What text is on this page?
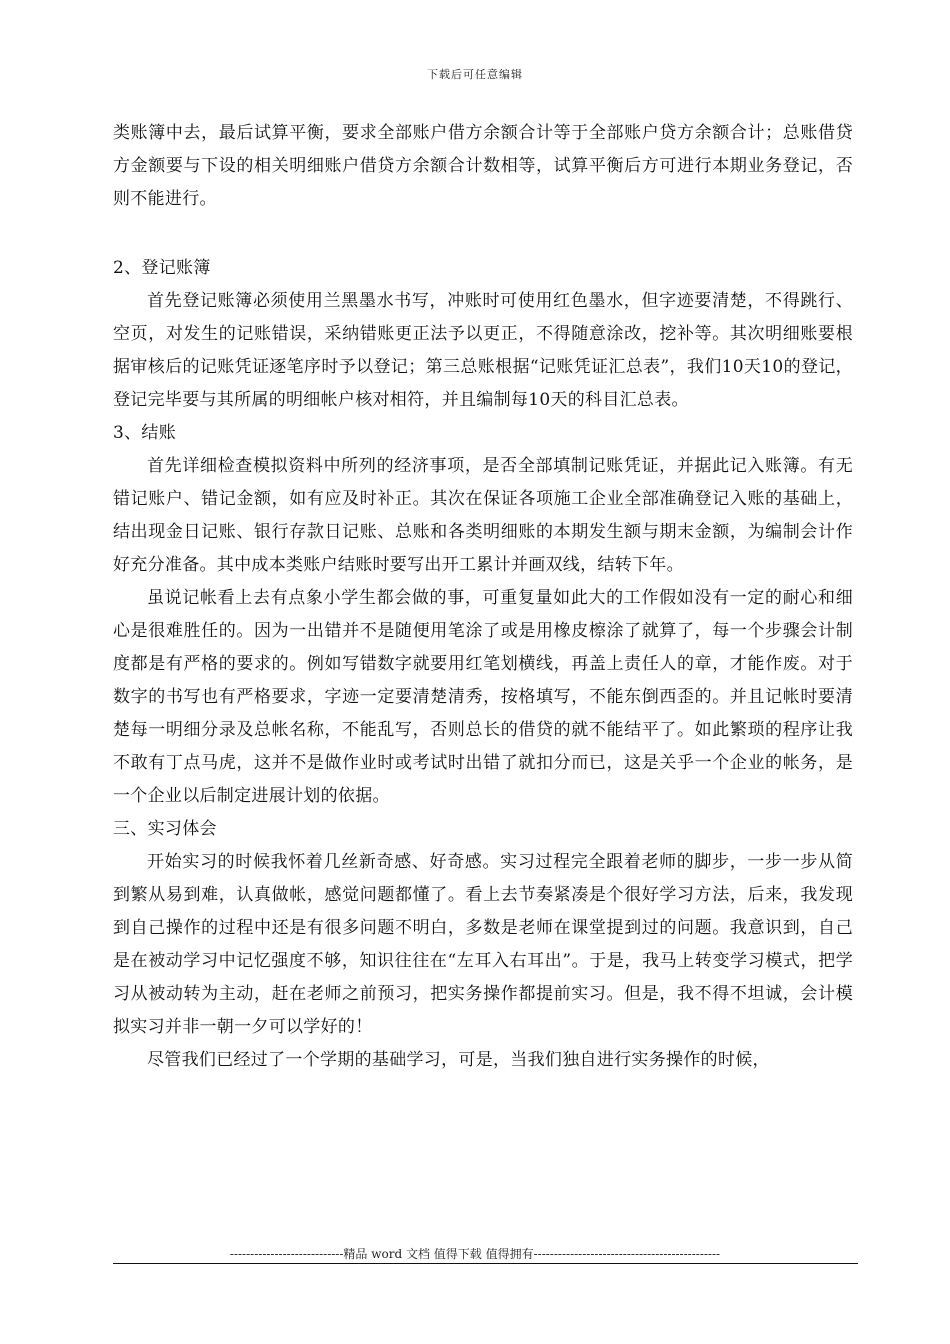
下载后可任意编辑

类账簿中去，最后试算平衡，要求全部账户借方余额合计等于全部账户贷方余额合计；总账借贷方金额要与下设的相关明细账户借贷方余额合计数相等，试算平衡后方可进行本期业务登记，否则不能进行。

2、登记账簿

首先登记账簿必须使用兰黑墨水书写，冲账时可使用红色墨水，但字迹要清楚，不得跳行、空页，对发生的记账错误，采纳错账更正法予以更正，不得随意涂改，挖补等。其次明细账要根据审核后的记账凭证逐笔序时予以登记；第三总账根据“记账凭证汇总表”，我们10天10的登记，登记完毕要与其所属的明细帐户核对相符，并且编制每10天的科目汇总表。

3、结账

首先详细检查模拟资料中所列的经济事项，是否全部填制记账凭证，并据此记入账簿。有无错记账户、错记金额，如有应及时补正。其次在保证各项施工企业全部准确登记入账的基础上，结出现金日记账、银行存款日记账、总账和各类明细账的本期发生额与期末金额，为编制会计作好充分准备。其中成本类账户结账时要写出开工累计并画双线，结转下年。

虽说记帐看上去有点象小学生都会做的事，可重复量如此大的工作假如没有一定的耐心和细心是很难胜任的。因为一出错并不是随便用笔涂了或是用橡皮檫涂了就算了，每一个步骤会计制度都是有严格的要求的。例如写错数字就要用红笔划横线，再盖上责任人的章，才能作废。对于数字的书写也有严格要求，字迹一定要清楚清秀，按格填写，不能东倒西歪的。并且记帐时要清楚每一明细分录及总帐名称，不能乱写，否则总长的借贷的就不能结平了。如此繁琐的程序让我不敢有丁点马虎，这并不是做作业时或考试时出错了就扣分而已，这是关乎一个企业的帐务，是一个企业以后制定进展计划的依据。

三、实习体会

开始实习的时候我怀着几丝新奇感、好奇感。实习过程完全跟着老师的脚步，一步一步从简到繁从易到难，认真做帐，感觉问题都懂了。看上去节奏紧凑是个很好学习方法，后来，我发现到自己操作的过程中还是有很多问题不明白，多数是老师在课堂提到过的问题。我意识到，自己是在被动学习中记忆强度不够，知识往往在“左耳入右耳出”。于是，我马上转变学习模式，把学习从被动转为主动，赶在老师之前预习，把实务操作都提前实习。但是，我不得不坦诚，会计模拟实习并非一朝一夕可以学好的！

尽管我们已经过了一个学期的基础学习，可是，当我们独自进行实务操作的时候，

----------------------------精品 word 文档 值得下载 值得拥有----------------------------------------------
